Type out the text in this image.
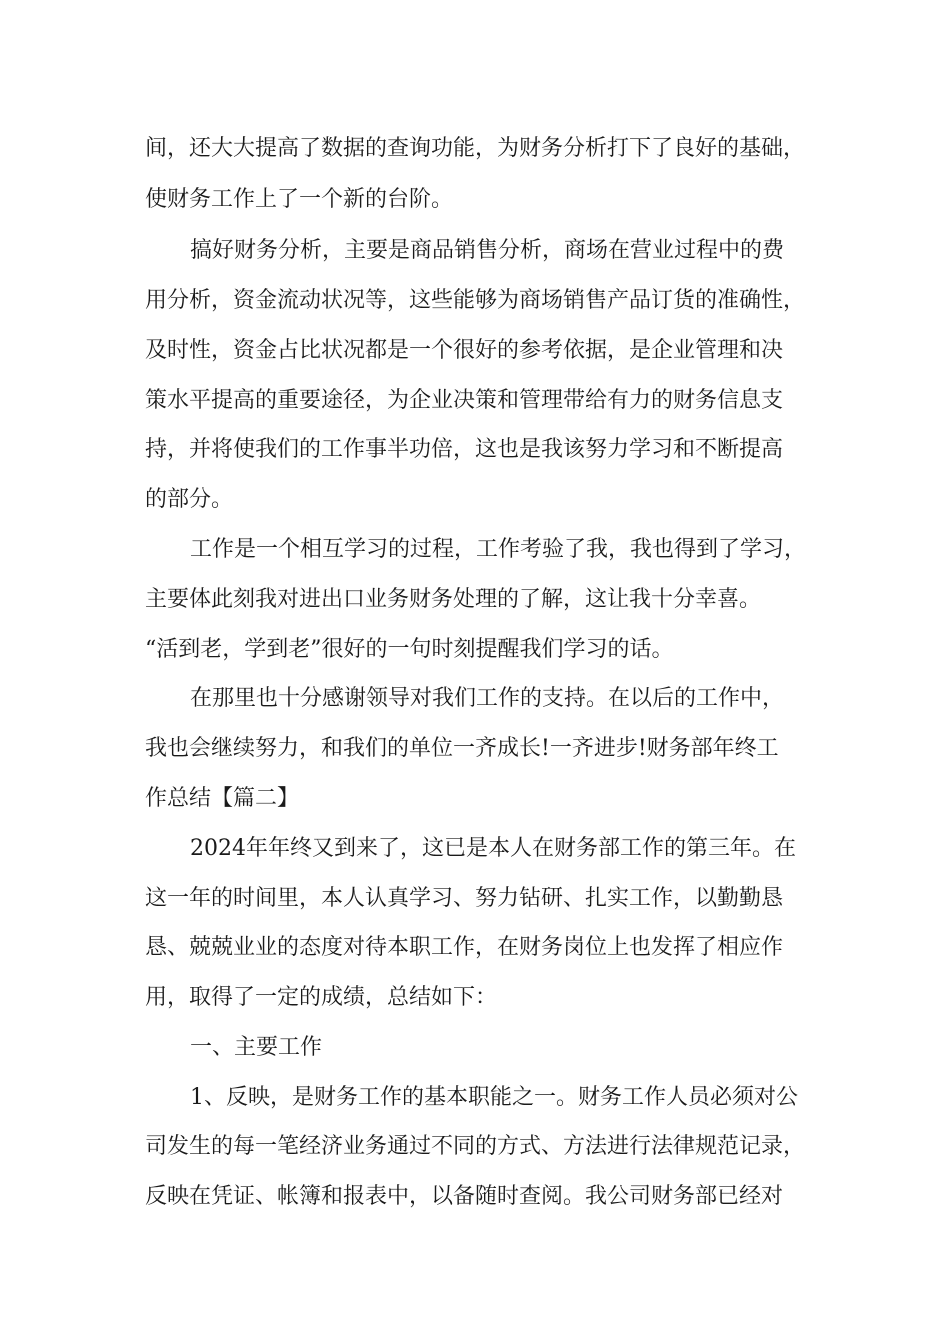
间，还大大提高了数据的查询功能，为财务分析打下了良好的基础，
使财务工作上了一个新的台阶。
搞好财务分析，主要是商品销售分析，商场在营业过程中的费
用分析，资金流动状况等，这些能够为商场销售产品订货的准确性，
及时性，资金占比状况都是一个很好的参考依据，是企业管理和决
策水平提高的重要途径，为企业决策和管理带给有力的财务信息支
持，并将使我们的工作事半功倍，这也是我该努力学习和不断提高
的部分。
工作是一个相互学习的过程，工作考验了我，我也得到了学习，
主要体此刻我对进出口业务财务处理的了解，这让我十分幸喜。
“活到老，学到老”很好的一句时刻提醒我们学习的话。
在那里也十分感谢领导对我们工作的支持。在以后的工作中，
我也会继续努力，和我们的单位一齐成长!一齐进步!财务部年终工
作总结【篇二】
2024年年终又到来了，这已是本人在财务部工作的第三年。在
这一年的时间里，本人认真学习、努力钻研、扎实工作，以勤勤恳
恳、兢兢业业的态度对待本职工作，在财务岗位上也发挥了相应作
用，取得了一定的成绩，总结如下：
一、主要工作
1、反映，是财务工作的基本职能之一。财务工作人员必须对公
司发生的每一笔经济业务通过不同的方式、方法进行法律规范记录，
反映在凭证、帐簿和报表中，以备随时查阅。我公司财务部已经对
